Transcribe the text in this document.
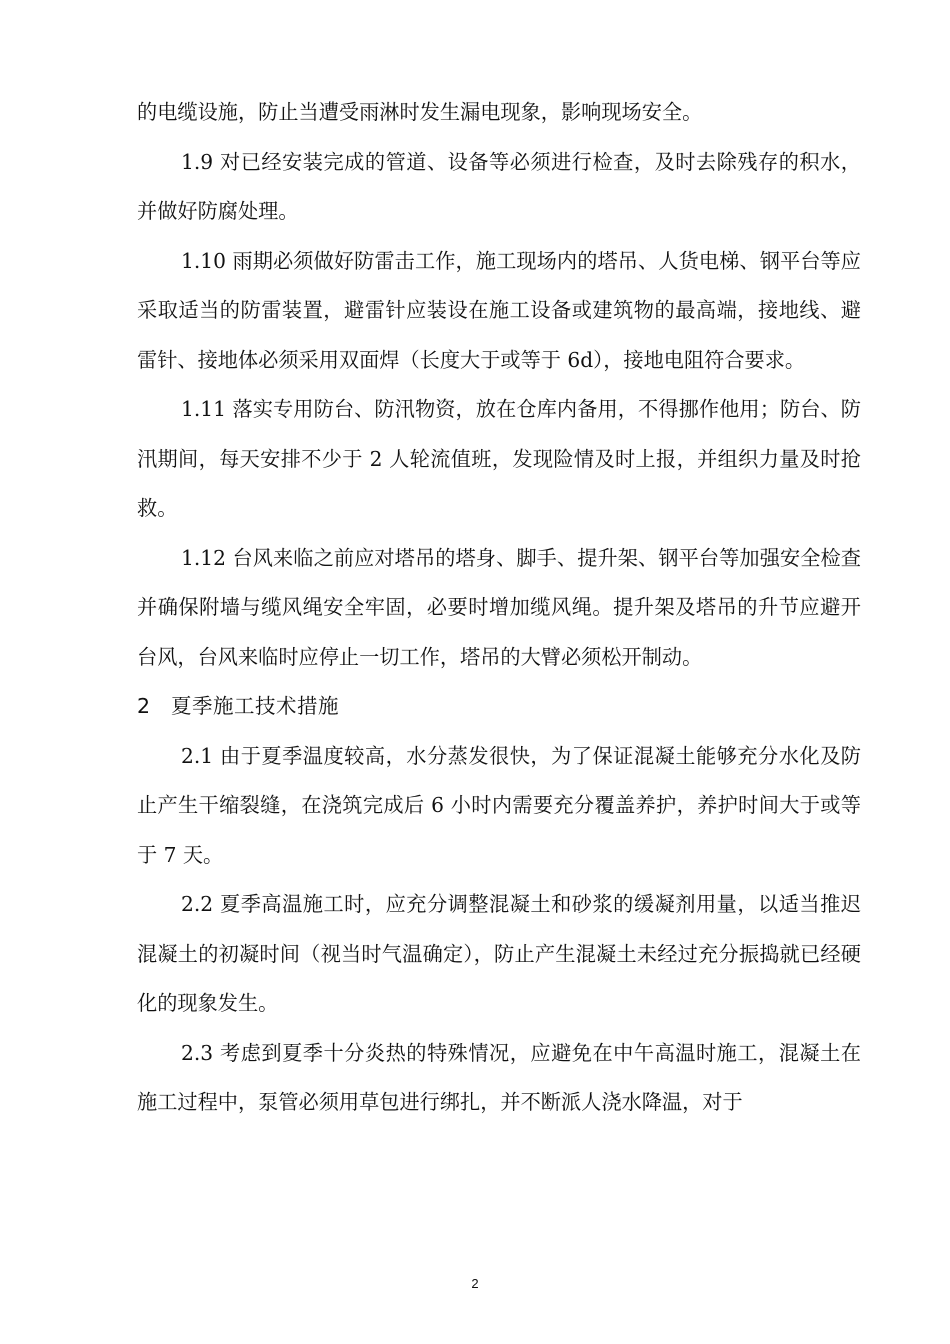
的电缆设施，防止当遭受雨淋时发生漏电现象，影响现场安全。

1.9 对已经安装完成的管道、设备等必须进行检查，及时去除残存的积水，并做好防腐处理。

1.10 雨期必须做好防雷击工作，施工现场内的塔吊、人货电梯、钢平台等应采取适当的防雷装置，避雷针应装设在施工设备或建筑物的最高端，接地线、避雷针、接地体必须采用双面焊（长度大于或等于 6d），接地电阻符合要求。

1.11 落实专用防台、防汛物资，放在仓库内备用，不得挪作他用；防台、防汛期间，每天安排不少于 2 人轮流值班，发现险情及时上报，并组织力量及时抢救。

1.12 台风来临之前应对塔吊的塔身、脚手、提升架、钢平台等加强安全检查并确保附墙与缆风绳安全牢固，必要时增加缆风绳。提升架及塔吊的升节应避开台风，台风来临时应停止一切工作，塔吊的大臂必须松开制动。

2 夏季施工技术措施

2.1 由于夏季温度较高，水分蒸发很快，为了保证混凝土能够充分水化及防止产生干缩裂缝，在浇筑完成后 6 小时内需要充分覆盖养护，养护时间大于或等于 7 天。

2.2 夏季高温施工时，应充分调整混凝土和砂浆的缓凝剂用量，以适当推迟混凝土的初凝时间（视当时气温确定），防止产生混凝土未经过充分振捣就已经硬化的现象发生。

2.3 考虑到夏季十分炎热的特殊情况，应避免在中午高温时施工，混凝土在施工过程中，泵管必须用草包进行绑扎，并不断派人浇水降温，对于

2
